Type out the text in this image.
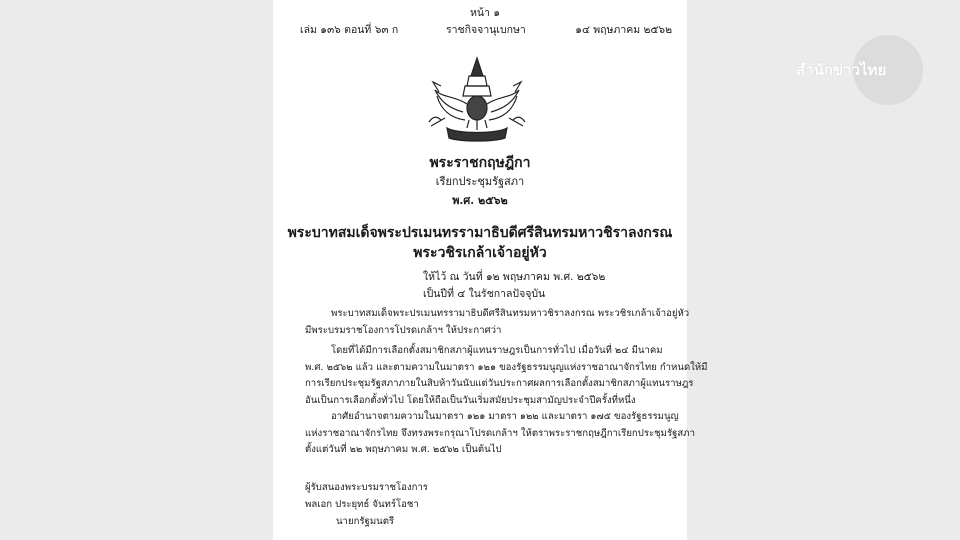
หน้า ๑
เล่ม ๑๓๖ ตอนที่ ๖๓ ก	ราชกิจจานุเบกษา	๑๔ พฤษภาคม ๒๕๖๒
พระราชกฤษฎีกา
เรียกประชุมรัฐสภา
พ.ศ. ๒๕๖๒
พระบาทสมเด็จพระปรเมนทรรามาธิบดีศรีสินทรมหาวชิราลงกรณ
พระวชิรเกล้าเจ้าอยู่หัว
ให้ไว้ ณ วันที่ ๑๒ พฤษภาคม พ.ศ. ๒๕๖๒
เป็นปีที่ ๔ ในรัชกาลปัจจุบัน
พระบาทสมเด็จพระปรเมนทรรามาธิบดีศรีสินทรมหาวชิราลงกรณ พระวชิรเกล้าเจ้าอยู่หัว
มีพระบรมราชโองการโปรดเกล้าฯ ให้ประกาศว่า
โดยที่ได้มีการเลือกตั้งสมาชิกสภาผู้แทนราษฎรเป็นการทั่วไป เมื่อวันที่ ๒๔ มีนาคม
พ.ศ. ๒๕๖๒ แล้ว และตามความในมาตรา ๑๒๑ ของรัฐธรรมนูญแห่งราชอาณาจักรไทย กำหนดให้มี
การเรียกประชุมรัฐสภาภายในสิบห้าวันนับแต่วันประกาศผลการเลือกตั้งสมาชิกสภาผู้แทนราษฎร
อันเป็นการเลือกตั้งทั่วไป โดยให้ถือเป็นวันเริ่มสมัยประชุมสามัญประจำปีครั้งที่หนึ่ง
อาศัยอำนาจตามความในมาตรา ๑๒๑ มาตรา ๑๒๒ และมาตรา ๑๗๕ ของรัฐธรรมนูญ
แห่งราชอาณาจักรไทย จึงทรงพระกรุณาโปรดเกล้าฯ ให้ตราพระราชกฤษฎีกาเรียกประชุมรัฐสภา
ตั้งแต่วันที่ ๒๒ พฤษภาคม พ.ศ. ๒๕๖๒ เป็นต้นไป
ผู้รับสนองพระบรมราชโองการ
พลเอก ประยุทธ์ จันทร์โอชา
นายกรัฐมนตรี
สำนักข่าวไทย
